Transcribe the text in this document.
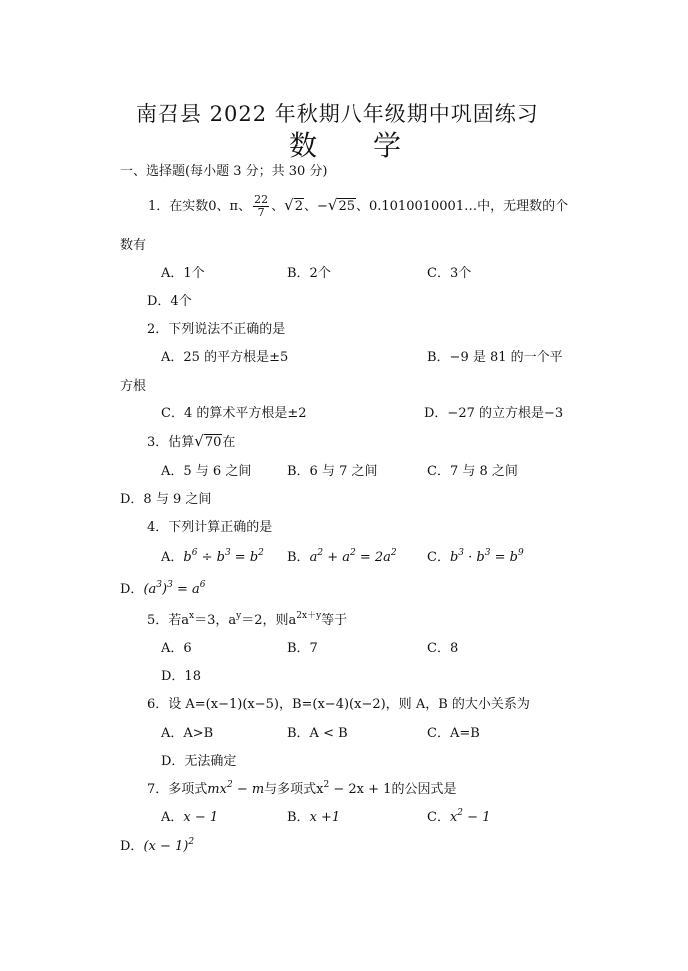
南召县 2022 年秋期八年级期中巩固练习
数　　学
一、选择题(每小题 3 分；共 30 分)
1．在实数0、π、 $\frac{22}{7}$ 、√2、−√25、0.1010010001…中，无理数的个
数有
A．1个	B．2个	C．3个
D．4个
2．下列说法不正确的是
A．25 的平方根是±5	B．−9 是 81 的一个平
方根
C．4 的算术平方根是±2	D．−27 的立方根是−3
3．估算√70在
A．5 与 6 之间	B．6 与 7 之间	C．7 与 8 之间
D．8 与 9 之间
4．下列计算正确的是
A．$b^6 \div b^3 = b^2$ B．$a^2 + a^2 = 2a^2$ C．$b^3 \cdot b^3 = b^9$
D．$(a^3)^3 = a^6$
5．若$a^x=3$，$a^y=2$，则$a^{2x+y}$等于
A．6	B．7	C．8
D．18
6．设 A=(x−1)(x−5)，B=(x−4)(x−2)，则 A，B 的大小关系为
A．A>B	B．A < B	C．A=B
D．无法确定
7．多项式$mx^2 - m$与多项式$x^2 - 2x + 1$的公因式是
A．x − 1	B．x +1	C．$x^2 - 1$
D．$(x - 1)^2$
